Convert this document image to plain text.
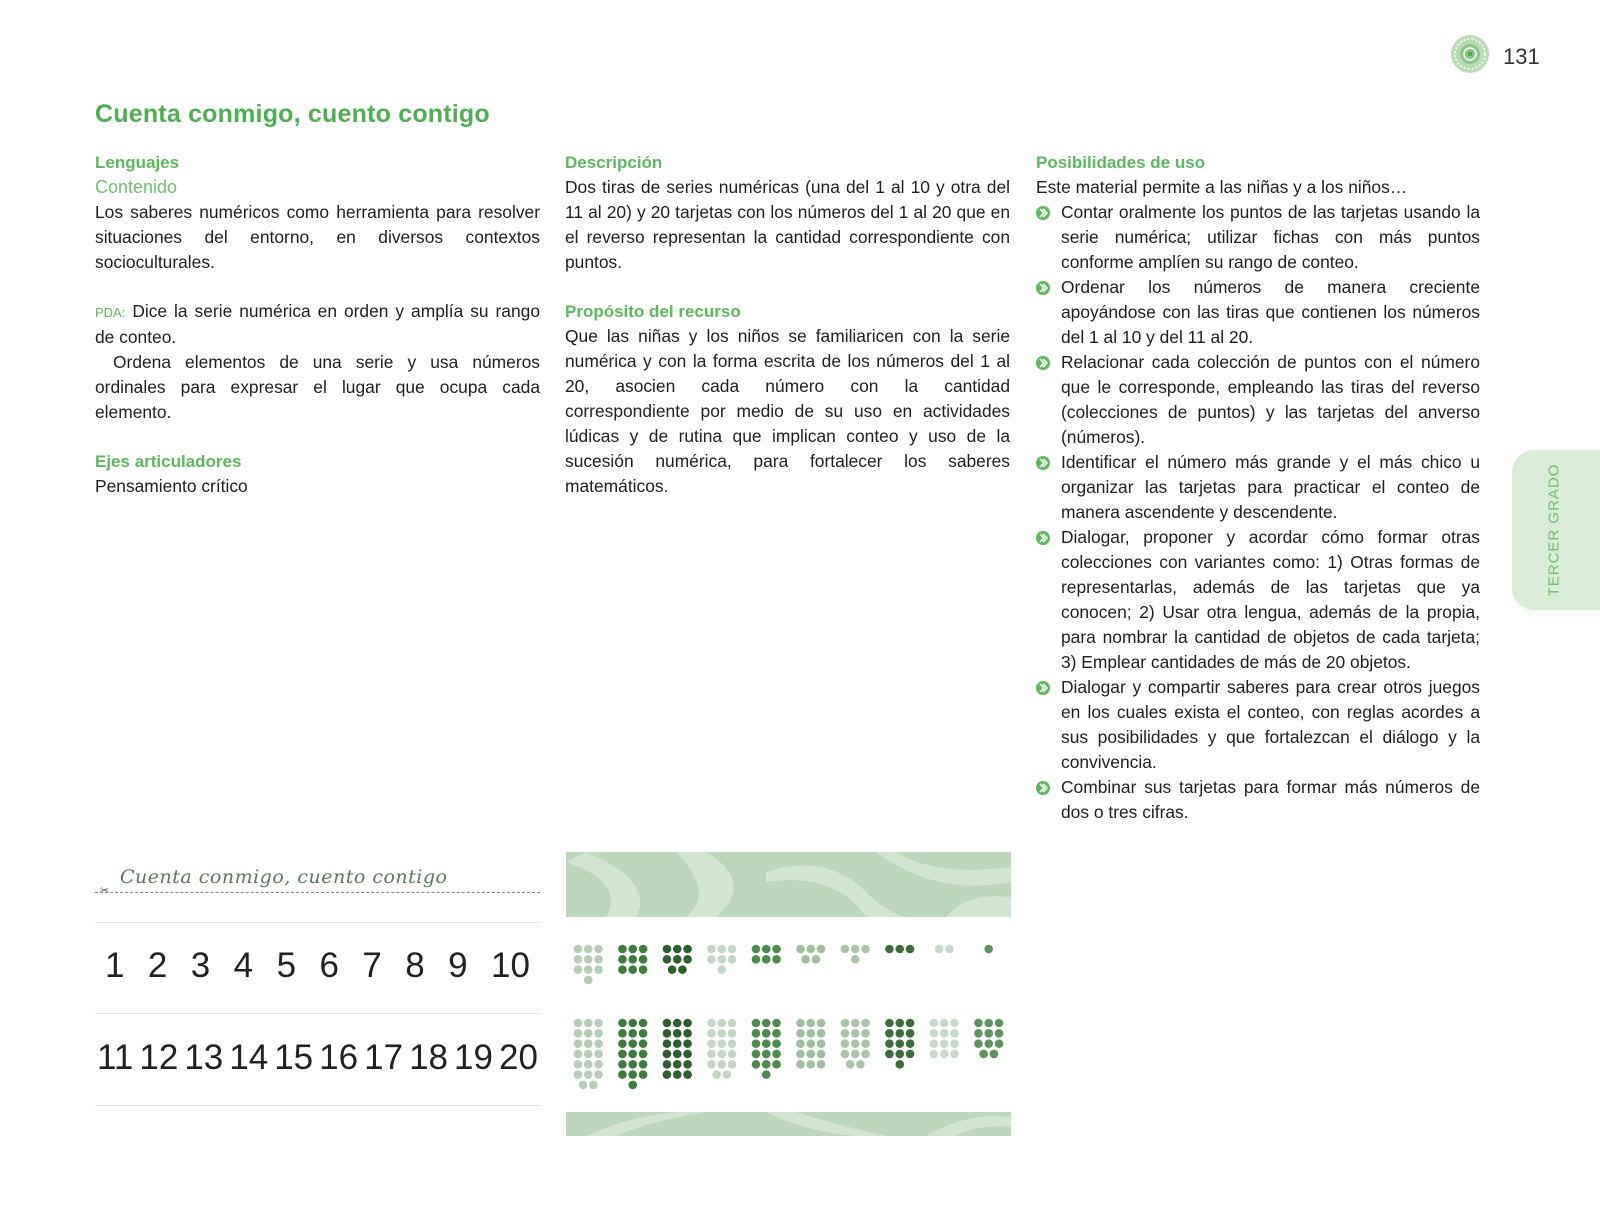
131
Cuenta conmigo, cuento contigo

Lenguajes

Contenido

Los saberes numéricos como herramienta para resolver situaciones del entorno, en diversos contextos socioculturales.

PDA: Dice la serie numérica en orden y amplía su rango de conteo.

Ordena elementos de una serie y usa números ordinales para expresar el lugar que ocupa cada elemento.

Ejes articuladores

Pensamiento crítico

Descripción

Dos tiras de series numéricas (una del 1 al 10 y otra del 11 al 20) y 20 tarjetas con los números del 1 al 20 que en el reverso representan la cantidad correspondiente con puntos.

Propósito del recurso

Que las niñas y los niños se familiaricen con la serie numérica y con la forma escrita de los números del 1 al 20, asocien cada número con la cantidad correspondiente por medio de su uso en actividades lúdicas y de rutina que implican conteo y uso de la sucesión numérica, para fortalecer los saberes matemáticos.

Posibilidades de uso

Este material permite a las niñas y a los niños…

Contar oralmente los puntos de las tarjetas usando la serie numérica; utilizar fichas con más puntos conforme amplíen su rango de conteo.
Ordenar los números de manera creciente apoyándose con las tiras que contienen los números del 1 al 10 y del 11 al 20.
Relacionar cada colección de puntos con el número que le corresponde, empleando las tiras del reverso (colecciones de puntos) y las tarjetas del anverso (números).
Identificar el número más grande y el más chico u organizar las tarjetas para practicar el conteo de manera ascendente y descendente.
Dialogar, proponer y acordar cómo formar otras colecciones con variantes como: 1) Otras formas de representarlas, además de las tarjetas que ya conocen; 2) Usar otra lengua, además de la propia, para nombrar la cantidad de objetos de cada tarjeta; 3) Emplear cantidades de más de 20 objetos.
Dialogar y compartir saberes para crear otros juegos en los cuales exista el conteo, con reglas acordes a sus posibilidades y que fortalezcan el diálogo y la convivencia.
Combinar sus tarjetas para formar más números de dos o tres cifras.
TERCER GRADO
Cuenta conmigo, cuento contigo
✂
1 2 3 4 5 6 7 8 9 10
11 12 13 14 15 16 17 18 19 20
